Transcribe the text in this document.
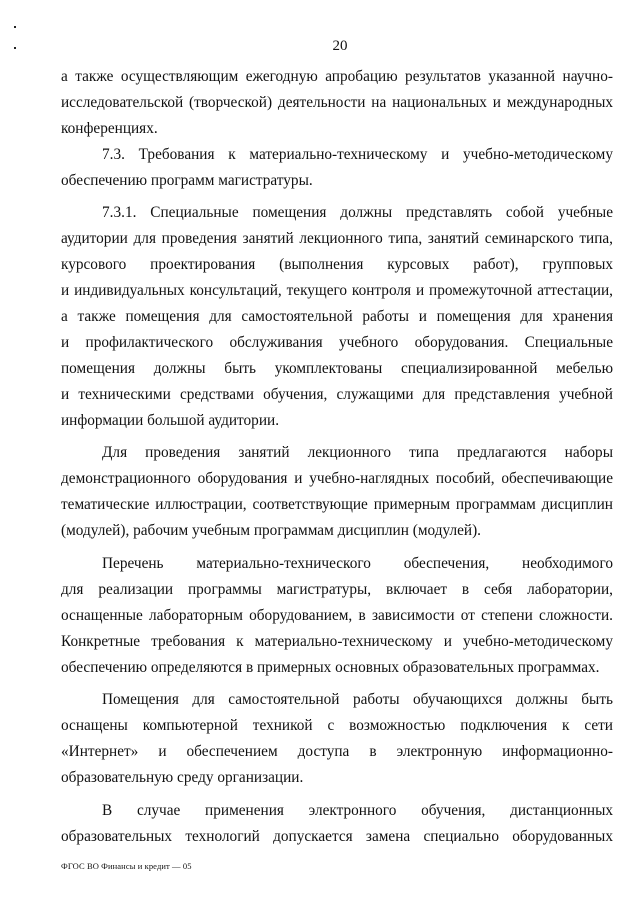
20
а также осуществляющим ежегодную апробацию результатов указанной научно-
исследовательской (творческой) деятельности на национальных и международных
конференциях.
7.3. Требования к материально-техническому и учебно-методическому
обеспечению программ магистратуры.
7.3.1. Специальные помещения должны представлять собой учебные
аудитории для проведения занятий лекционного типа, занятий семинарского типа,
курсового проектирования (выполнения курсовых работ), групповых
и индивидуальных консультаций, текущего контроля и промежуточной аттестации,
а также помещения для самостоятельной работы и помещения для хранения
и профилактического обслуживания учебного оборудования. Специальные
помещения должны быть укомплектованы специализированной мебелью
и техническими средствами обучения, служащими для представления учебной
информации большой аудитории.
Для проведения занятий лекционного типа предлагаются наборы
демонстрационного оборудования и учебно-наглядных пособий, обеспечивающие
тематические иллюстрации, соответствующие примерным программам дисциплин
(модулей), рабочим учебным программам дисциплин (модулей).
Перечень материально-технического обеспечения, необходимого
для реализации программы магистратуры, включает в себя лаборатории,
оснащенные лабораторным оборудованием, в зависимости от степени сложности.
Конкретные требования к материально-техническому и учебно-методическому
обеспечению определяются в примерных основных образовательных программах.
Помещения для самостоятельной работы обучающихся должны быть
оснащены компьютерной техникой с возможностью подключения к сети
«Интернет» и обеспечением доступа в электронную информационно-
образовательную среду организации.
В случае применения электронного обучения, дистанционных
образовательных технологий допускается замена специально оборудованных
ФГОС ВО Финансы и кредит — 05
